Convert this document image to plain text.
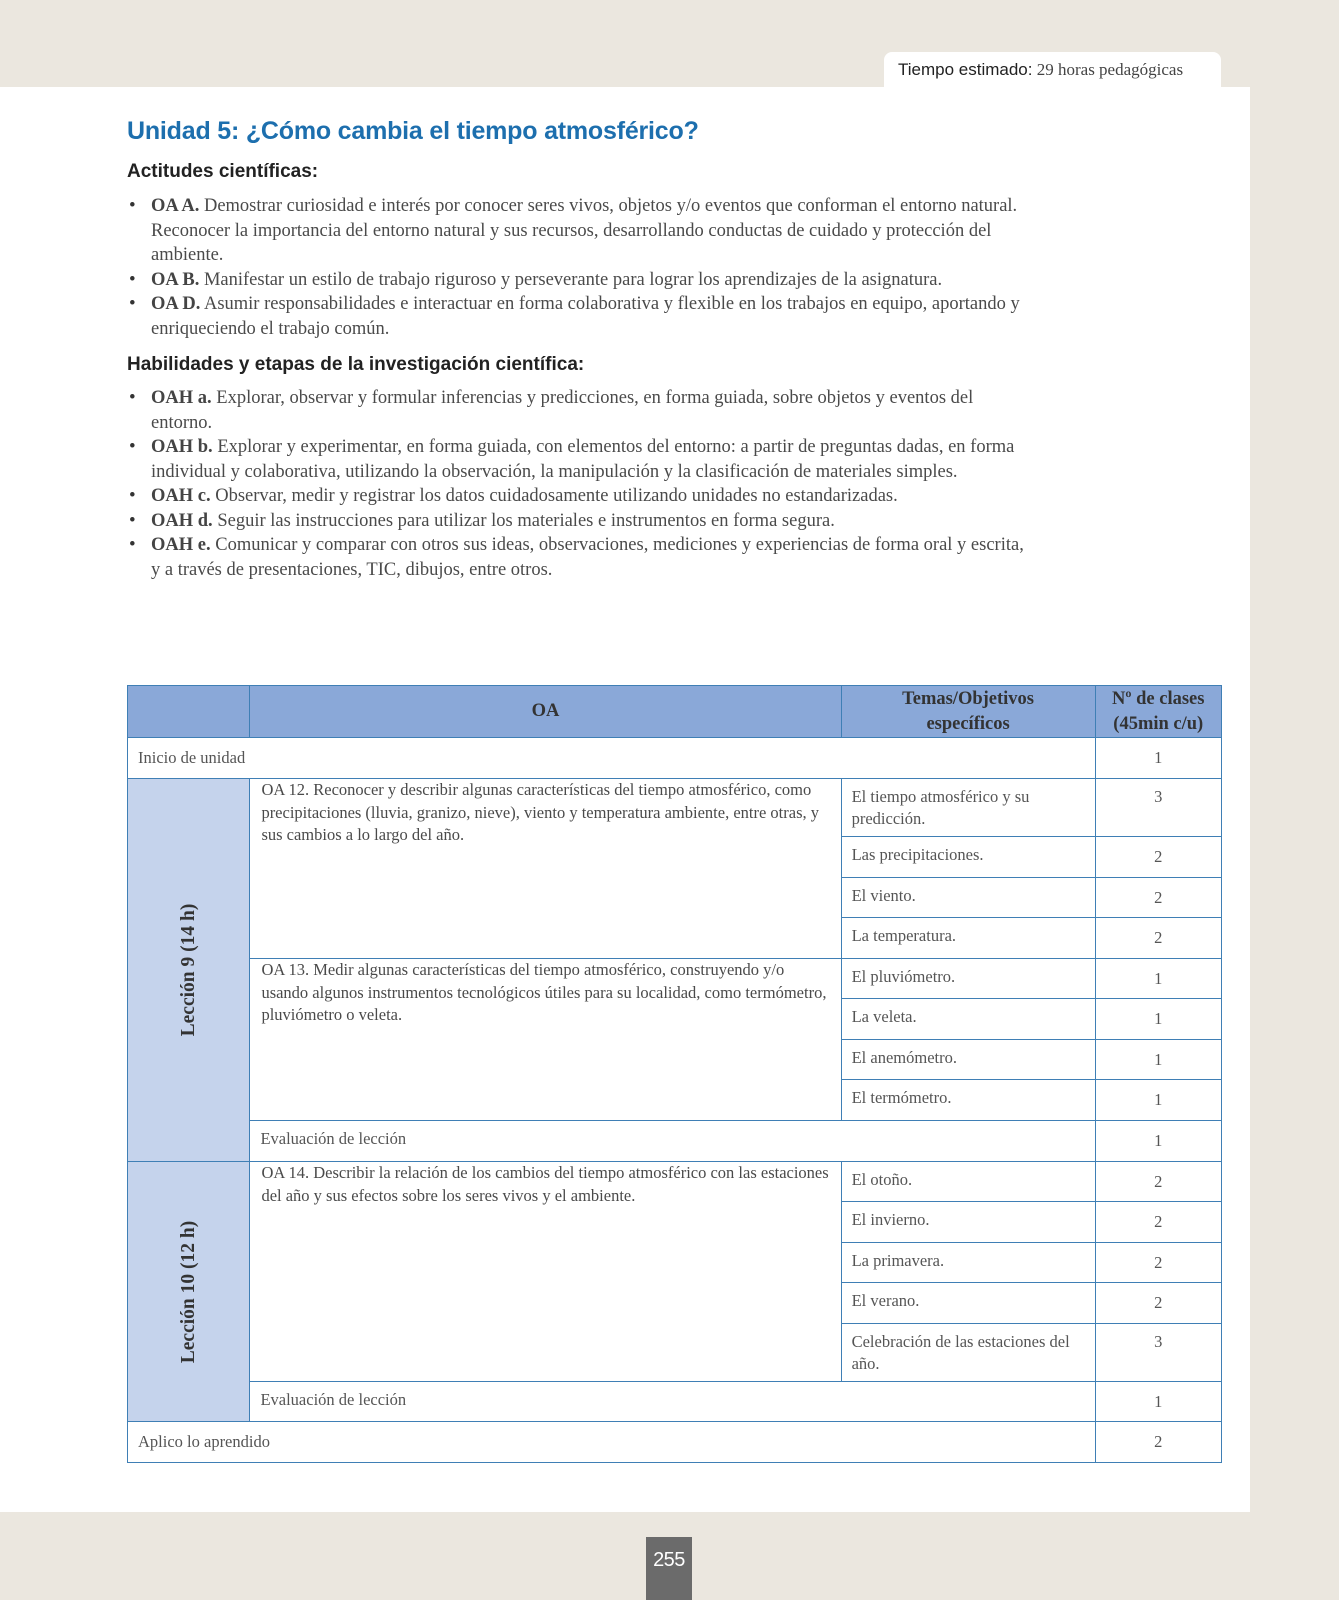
Tiempo estimado: 29 horas pedagógicas
Unidad 5: ¿Cómo cambia el tiempo atmosférico?
Actitudes científicas:
• OA A. Demostrar curiosidad e interés por conocer seres vivos, objetos y/o eventos que conforman el entorno natural. Reconocer la importancia del entorno natural y sus recursos, desarrollando conductas de cuidado y protección del ambiente.
• OA B. Manifestar un estilo de trabajo riguroso y perseverante para lograr los aprendizajes de la asignatura.
• OA D. Asumir responsabilidades e interactuar en forma colaborativa y flexible en los trabajos en equipo, aportando y enriqueciendo el trabajo común.
Habilidades y etapas de la investigación científica:
• OAH a. Explorar, observar y formular inferencias y predicciones, en forma guiada, sobre objetos y eventos del entorno.
• OAH b. Explorar y experimentar, en forma guiada, con elementos del entorno: a partir de preguntas dadas, en forma individual y colaborativa, utilizando la observación, la manipulación y la clasificación de materiales simples.
• OAH c. Observar, medir y registrar los datos cuidadosamente utilizando unidades no estandarizadas.
• OAH d. Seguir las instrucciones para utilizar los materiales e instrumentos en forma segura.
• OAH e. Comunicar y comparar con otros sus ideas, observaciones, mediciones y experiencias de forma oral y escrita, y a través de presentaciones, TIC, dibujos, entre otros.
	OA	Temas/Objetivos específicos	Nº de clases (45min c/u)

Inicio de unidad			1

Lección 9 (14 h)	OA 12. Reconocer y describir algunas características del tiempo atmosférico, como precipitaciones (lluvia, granizo, nieve), viento y temperatura ambiente, entre otras, y sus cambios a lo largo del año.	El tiempo atmosférico y su predicción.	3

		Las precipitaciones.	2

		El viento.	2

		La temperatura.	2

	OA 13. Medir algunas características del tiempo atmosférico, construyendo y/o usando algunos instrumentos tecnológicos útiles para su localidad, como termómetro, pluviómetro o veleta.	El pluviómetro.	1

		La veleta.	1

		El anemómetro.	1

		El termómetro.	1

	Evaluación de lección		1

Lección 10 (12 h)	OA 14. Describir la relación de los cambios del tiempo atmosférico con las estaciones del año y sus efectos sobre los seres vivos y el ambiente.	El otoño.	2

		El invierno.	2

		La primavera.	2

		El verano.	2

		Celebración de las estaciones del año.	3

	Evaluación de lección		1

Aplico lo aprendido			2
255
